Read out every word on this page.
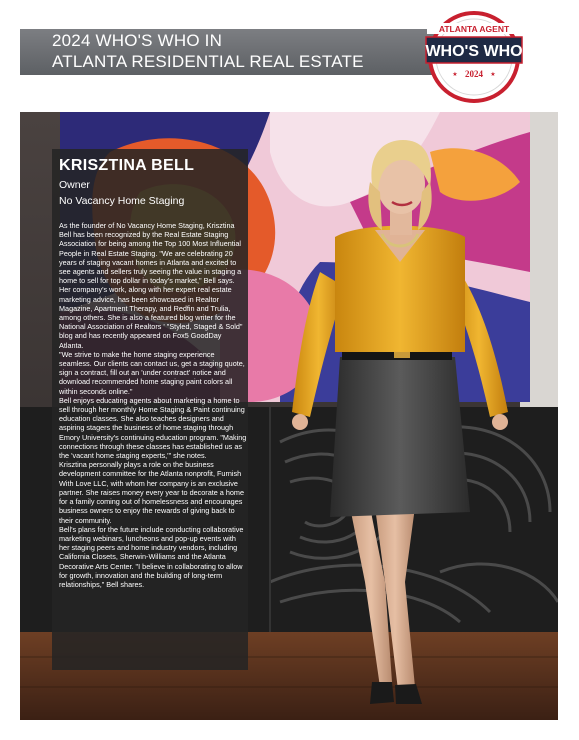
2024 WHO'S WHO IN
ATLANTA RESIDENTIAL REAL ESTATE
ATLANTA AGENT
WHO'S WHO
★ 2024 ★
KRISZTINA BELL
Owner
No Vacancy Home Staging

As the founder of No Vacancy Home Staging, Krisztina Bell has been recognized by the Real Estate Staging Association for being among the Top 100 Most Influential People in Real Estate Staging. "We are celebrating 20 years of staging vacant homes in Atlanta and excited to see agents and sellers truly seeing the value in staging a home to sell for top dollar in today's market," Bell says.

Her company's work, along with her expert real estate marketing advice, has been showcased in Realtor Magazine, Apartment Therapy, and Redfin and Trulia, among others. She is also a featured blog writer for the National Association of Realtors ' "Styled, Staged & Sold" blog and has recently appeared on Fox5 GoodDay Atlanta.

"We strive to make the home staging experience seamless. Our clients can contact us, get a staging quote, sign a contract, fill out an 'under contract' notice and download recommended home staging paint colors all within seconds online."

Bell enjoys educating agents about marketing a home to sell through her monthly Home Staging & Paint continuing education classes. She also teaches designers and aspiring stagers the business of home staging through Emory University's continuing education program. "Making connections through these classes has established us as the 'vacant home staging experts,'" she notes.

Krisztina personally plays a role on the business development committee for the Atlanta nonprofit, Furnish With Love LLC, with whom her company is an exclusive partner. She raises money every year to decorate a home for a family coming out of homelessness and encourages business owners to enjoy the rewards of giving back to their community.

Bell's plans for the future include conducting collaborative marketing webinars, luncheons and pop-up events with her staging peers and home industry vendors, including California Closets, Sherwin-Williams and the Atlanta Decorative Arts Center. "I believe in collaborating to allow for growth, innovation and the building of long-term relationships," Bell shares.
